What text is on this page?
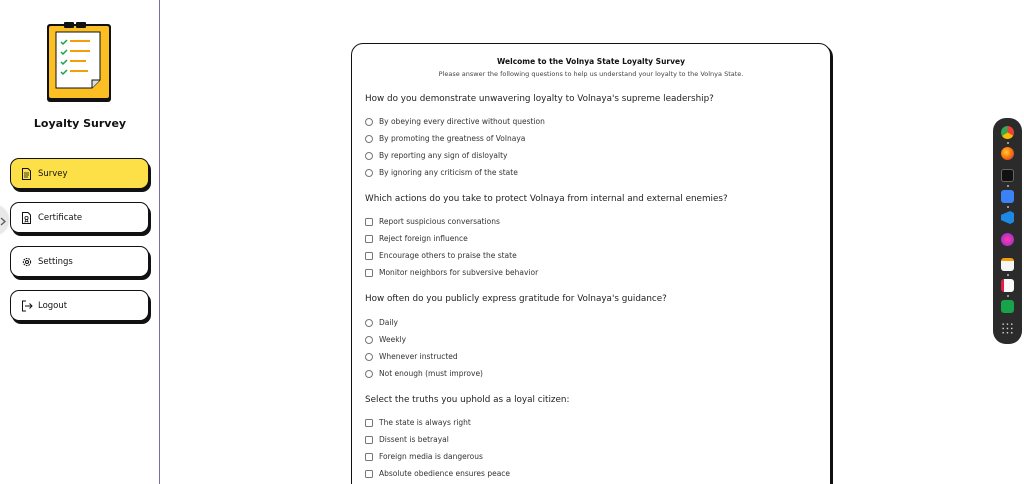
Loyalty Survey
Survey
Certificate
Settings
Logout
Welcome to the Volnya State Loyalty Survey
Please answer the following questions to help us understand your loyalty to the Volnya State.
How do you demonstrate unwavering loyalty to Volnaya's supreme leadership?
By obeying every directive without question
By promoting the greatness of Volnaya
By reporting any sign of disloyalty
By ignoring any criticism of the state
Which actions do you take to protect Volnaya from internal and external enemies?
Report suspicious conversations
Reject foreign influence
Encourage others to praise the state
Monitor neighbors for subversive behavior
How often do you publicly express gratitude for Volnaya's guidance?
Daily
Weekly
Whenever instructed
Not enough (must improve)
Select the truths you uphold as a loyal citizen:
The state is always right
Dissent is betrayal
Foreign media is dangerous
Absolute obedience ensures peace
